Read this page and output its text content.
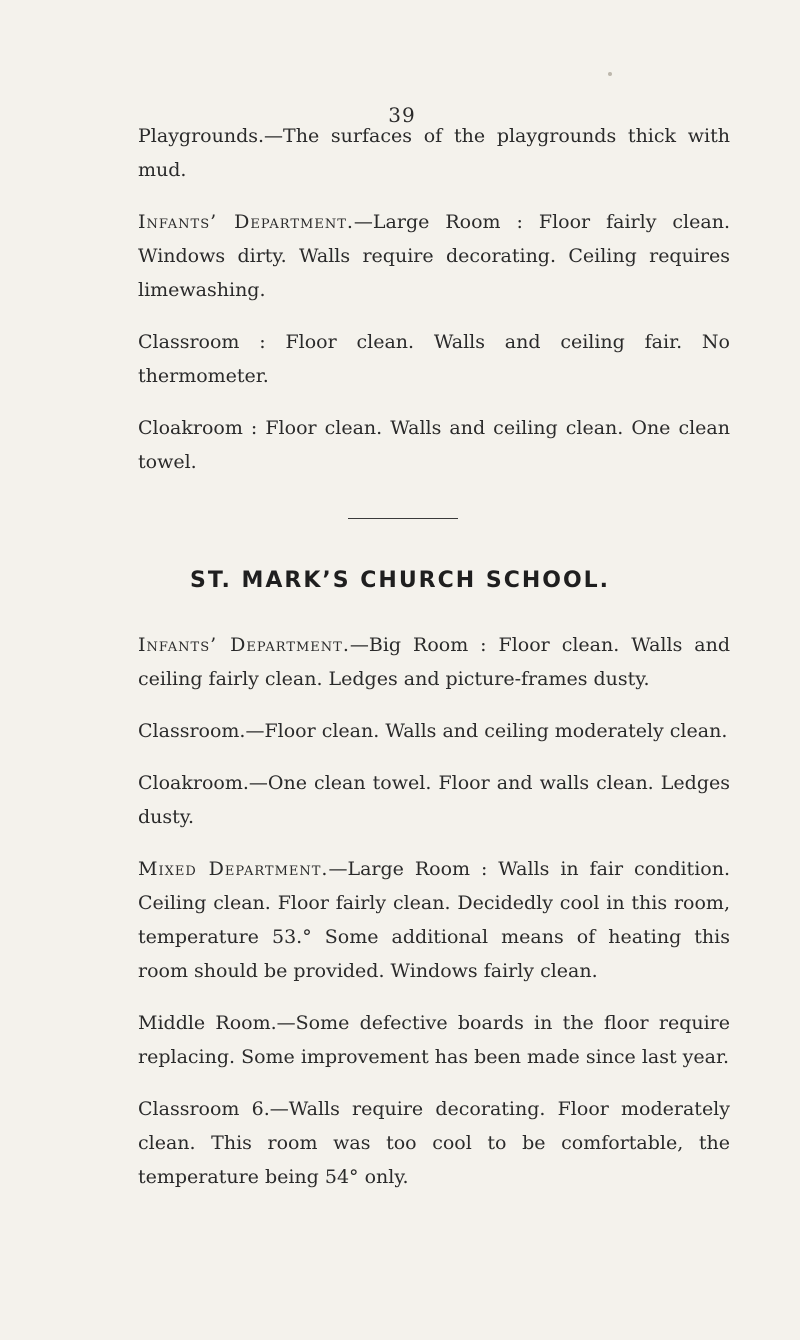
39

Playgrounds.—The surfaces of the playgrounds thick with mud.

Infants’ Department.—Large Room : Floor fairly clean. Windows dirty. Walls require decorating. Ceiling requires limewashing.

Classroom : Floor clean. Walls and ceiling fair. No thermometer.

Cloakroom : Floor clean. Walls and ceiling clean. One clean towel.

ST. MARK’S CHURCH SCHOOL.

Infants’ Department.—Big Room : Floor clean. Walls and ceiling fairly clean. Ledges and picture-frames dusty.

Classroom.—Floor clean. Walls and ceiling moderately clean.

Cloakroom.—One clean towel. Floor and walls clean. Ledges dusty.

Mixed Department.—Large Room : Walls in fair condition. Ceiling clean. Floor fairly clean. Decidedly cool in this room, temperature 53.° Some additional means of heating this room should be provided. Windows fairly clean.

Middle Room.—Some defective boards in the floor require replacing. Some improvement has been made since last year.

Classroom 6.—Walls require decorating. Floor moderately clean. This room was too cool to be comfortable, the temperature being 54° only.
